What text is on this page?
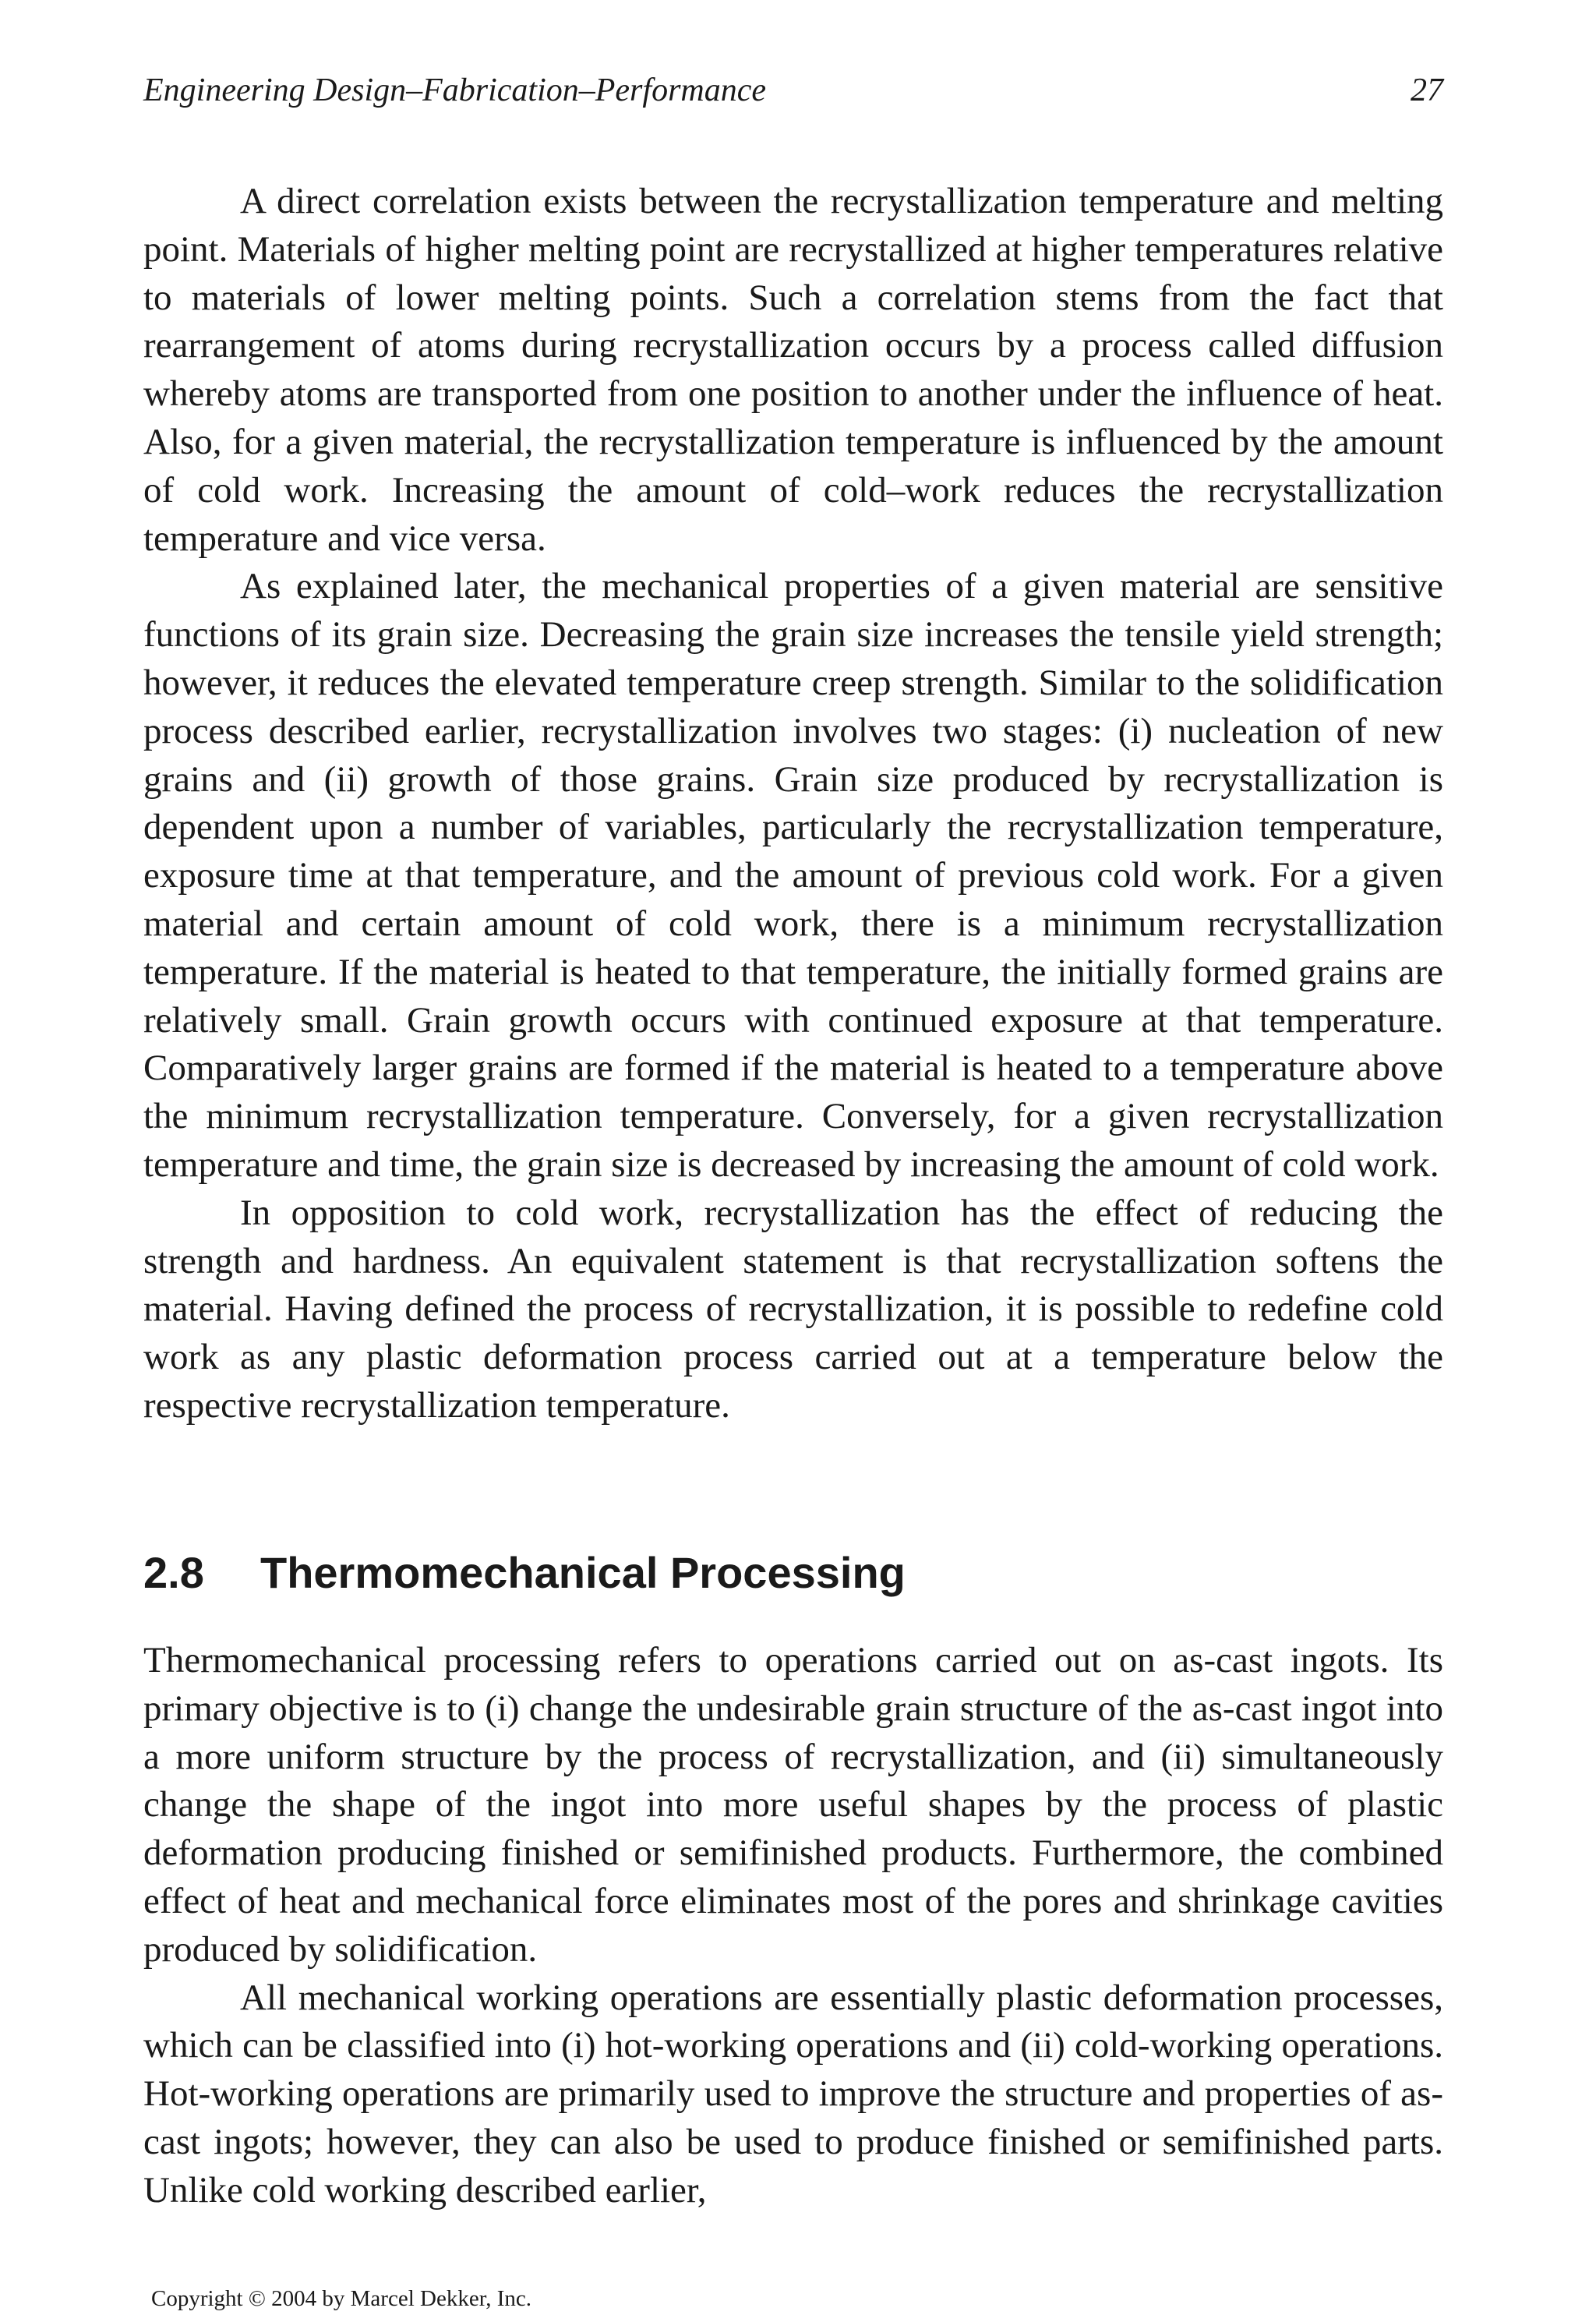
Engineering Design–Fabrication–Performance	27

A direct correlation exists between the recrystallization temperature and melting point. Materials of higher melting point are recrystallized at higher temperatures relative to materials of lower melting points. Such a correlation stems from the fact that rearrangement of atoms during recrystallization occurs by a process called diffusion whereby atoms are transported from one position to another under the influence of heat. Also, for a given material, the recrystallization temperature is influenced by the amount of cold work. Increasing the amount of cold–work reduces the recrystallization temperature and vice versa.

As explained later, the mechanical properties of a given material are sensitive functions of its grain size. Decreasing the grain size increases the tensile yield strength; however, it reduces the elevated temperature creep strength. Similar to the solidification process described earlier, recrystallization involves two stages: (i) nucleation of new grains and (ii) growth of those grains. Grain size produced by recrystallization is dependent upon a number of variables, particularly the recrystallization temperature, exposure time at that temperature, and the amount of previous cold work. For a given material and certain amount of cold work, there is a minimum recrystallization temperature. If the material is heated to that temperature, the initially formed grains are relatively small. Grain growth occurs with continued exposure at that temperature. Comparatively larger grains are formed if the material is heated to a temperature above the minimum recrystallization temperature. Conversely, for a given recrystallization temperature and time, the grain size is decreased by increasing the amount of cold work.

In opposition to cold work, recrystallization has the effect of reducing the strength and hardness. An equivalent statement is that recrystallization softens the material. Having defined the process of recrystallization, it is possible to redefine cold work as any plastic deformation process carried out at a temperature below the respective recrystallization temperature.

2.8 Thermomechanical Processing

Thermomechanical processing refers to operations carried out on as-cast ingots. Its primary objective is to (i) change the undesirable grain structure of the as-cast ingot into a more uniform structure by the process of recrystallization, and (ii) simultaneously change the shape of the ingot into more useful shapes by the process of plastic deformation producing finished or semifinished products. Furthermore, the combined effect of heat and mechanical force eliminates most of the pores and shrinkage cavities produced by solidification.

All mechanical working operations are essentially plastic deformation processes, which can be classified into (i) hot-working operations and (ii) cold-working operations. Hot-working operations are primarily used to improve the structure and properties of as-cast ingots; however, they can also be used to produce finished or semifinished parts. Unlike cold working described earlier,

Copyright © 2004 by Marcel Dekker, Inc.
